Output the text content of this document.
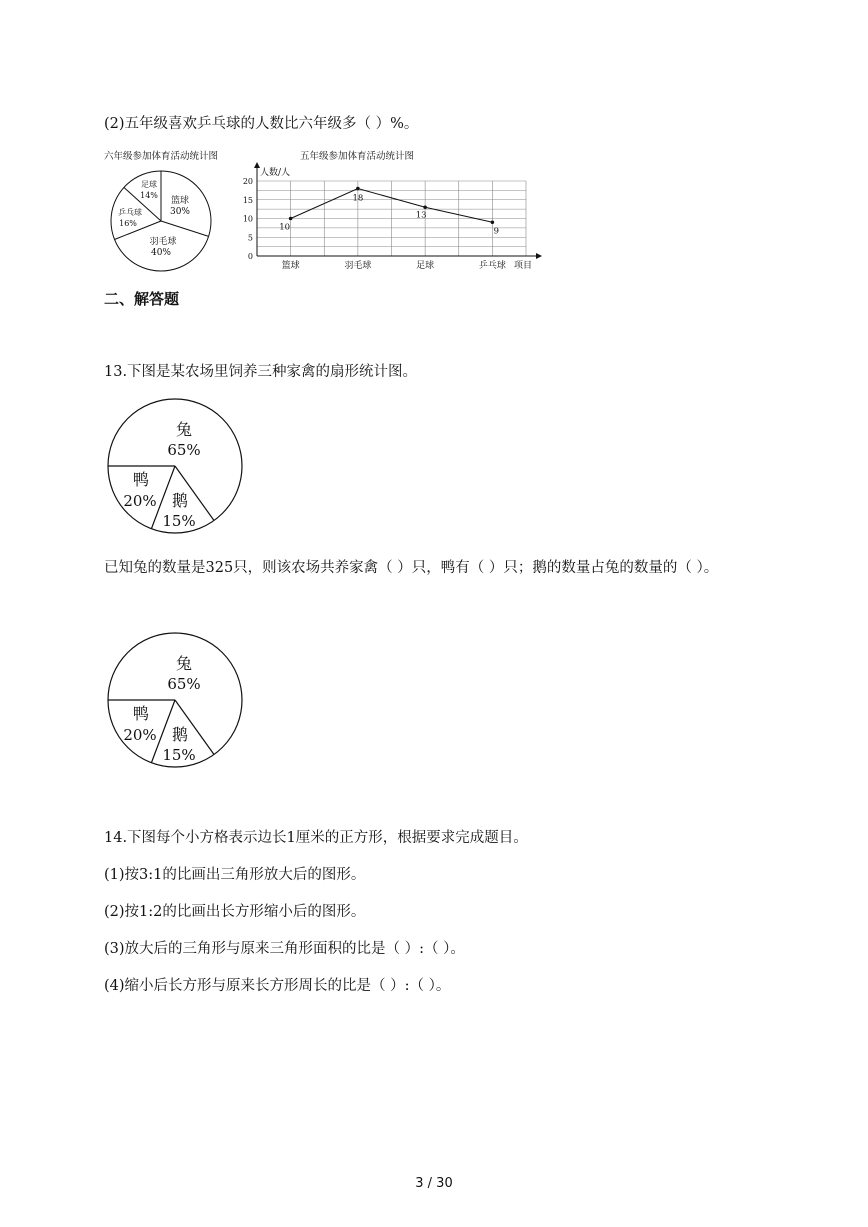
(2)五年级喜欢乒乓球的人数比六年级多（ ）%。
六年级参加体育活动统计图	五年级参加体育活动统计图
篮球
30%
羽毛球
40%
乒乓球
16%
足球
14%
人数/人
项目
0
5
10
15
20
篮球	羽毛球	足球	乒乓球
10
18
13
9
二、解答题
13.下图是某农场里饲养三种家禽的扇形统计图。
兔
65%
鸭
20% 鹅
15%
已知兔的数量是325只，则该农场共养家禽（ ）只，鸭有（ ）只；鹅的数量占兔的数量的（ ）。
兔
65%
鸭
20% 鹅
15%
14.下图每个小方格表示边长1厘米的正方形，根据要求完成题目。
(1)按3:1的比画出三角形放大后的图形。
(2)按1:2的比画出长方形缩小后的图形。
(3)放大后的三角形与原来三角形面积的比是（ ）:（ ）。
(4)缩小后长方形与原来长方形周长的比是（ ）:（ ）。
3 / 30
